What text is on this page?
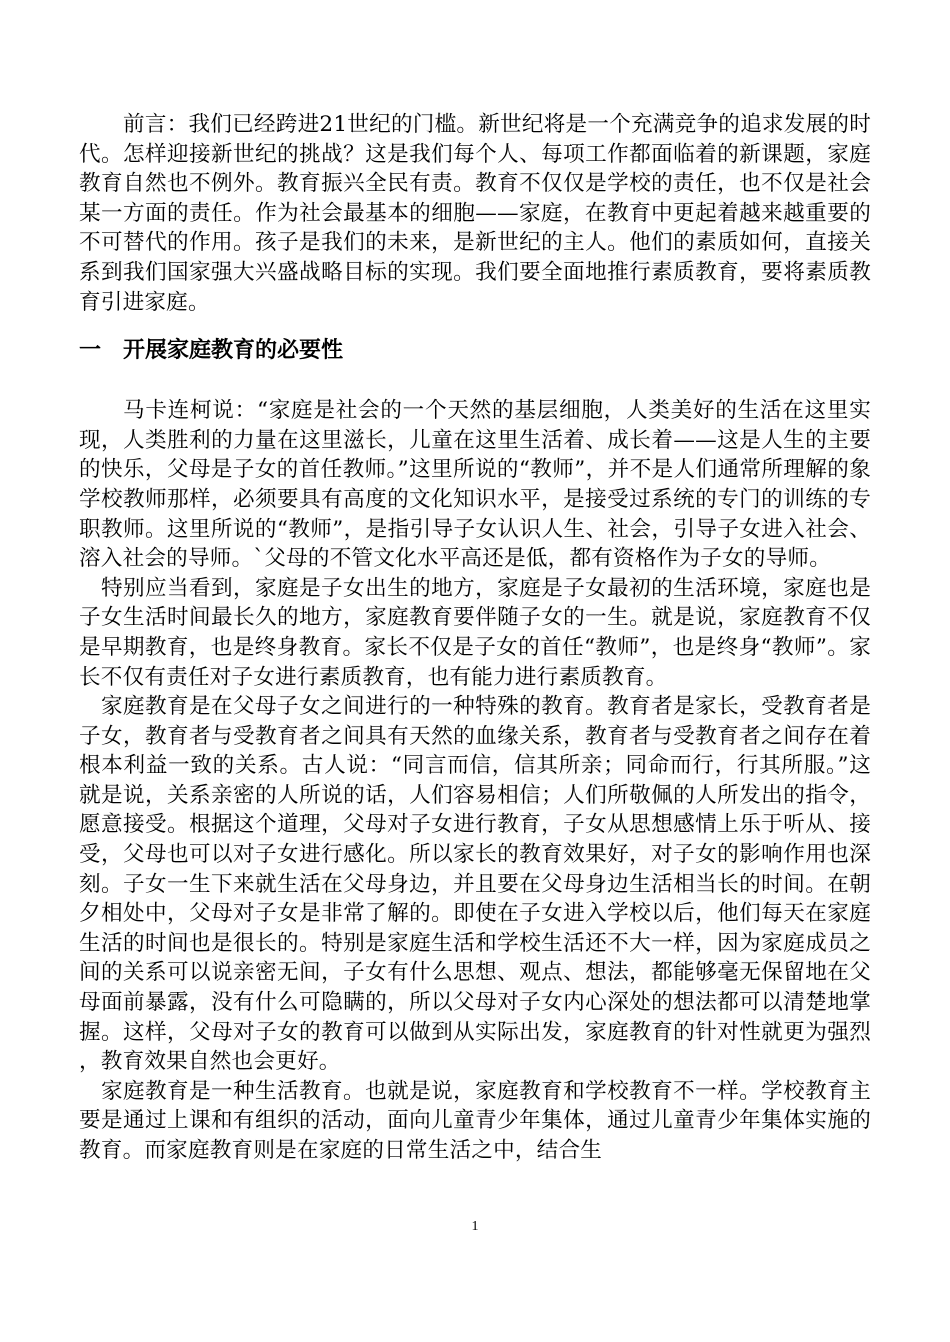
前言：我们已经跨进21世纪的门槛。新世纪将是一个充满竞争的追求发展的时代。怎样迎接新世纪的挑战？这是我们每个人、每项工作都面临着的新课题，家庭教育自然也不例外。教育振兴全民有责。教育不仅仅是学校的责任，也不仅是社会某一方面的责任。作为社会最基本的细胞——家庭，在教育中更起着越来越重要的不可替代的作用。孩子是我们的未来，是新世纪的主人。他们的素质如何，直接关系到我们国家强大兴盛战略目标的实现。我们要全面地推行素质教育，要将素质教育引进家庭。

一 开展家庭教育的必要性

马卡连柯说：“家庭是社会的一个天然的基层细胞，人类美好的生活在这里实现，人类胜利的力量在这里滋长，儿童在这里生活着、成长着——这是人生的主要的快乐，父母是子女的首任教师。”这里所说的“教师”，并不是人们通常所理解的象学校教师那样，必须要具有高度的文化知识水平，是接受过系统的专门的训练的专职教师。这里所说的“教师”，是指引导子女认识人生、社会，引导子女进入社会、溶入社会的导师。`父母的不管文化水平高还是低，都有资格作为子女的导师。

特别应当看到，家庭是子女出生的地方，家庭是子女最初的生活环境，家庭也是子女生活时间最长久的地方，家庭教育要伴随子女的一生。就是说，家庭教育不仅是早期教育，也是终身教育。家长不仅是子女的首任“教师”，也是终身“教师”。家长不仅有责任对子女进行素质教育，也有能力进行素质教育。

家庭教育是在父母子女之间进行的一种特殊的教育。教育者是家长，受教育者是子女，教育者与受教育者之间具有天然的血缘关系，教育者与受教育者之间存在着根本利益一致的关系。古人说：“同言而信，信其所亲；同命而行，行其所服。”这就是说，关系亲密的人所说的话，人们容易相信；人们所敬佩的人所发出的指令，愿意接受。根据这个道理，父母对子女进行教育，子女从思想感情上乐于听从、接受，父母也可以对子女进行感化。所以家长的教育效果好，对子女的影响作用也深刻。子女一生下来就生活在父母身边，并且要在父母身边生活相当长的时间。在朝夕相处中，父母对子女是非常了解的。即使在子女进入学校以后，他们每天在家庭生活的时间也是很长的。特别是家庭生活和学校生活还不大一样，因为家庭成员之间的关系可以说亲密无间，子女有什么思想、观点、想法，都能够毫无保留地在父母面前暴露，没有什么可隐瞒的，所以父母对子女内心深处的想法都可以清楚地掌握。这样，父母对子女的教育可以做到从实际出发，家庭教育的针对性就更为强烈，教育效果自然也会更好。

家庭教育是一种生活教育。也就是说，家庭教育和学校教育不一样。学校教育主要是通过上课和有组织的活动，面向儿童青少年集体，通过儿童青少年集体实施的教育。而家庭教育则是在家庭的日常生活之中，结合生

1
